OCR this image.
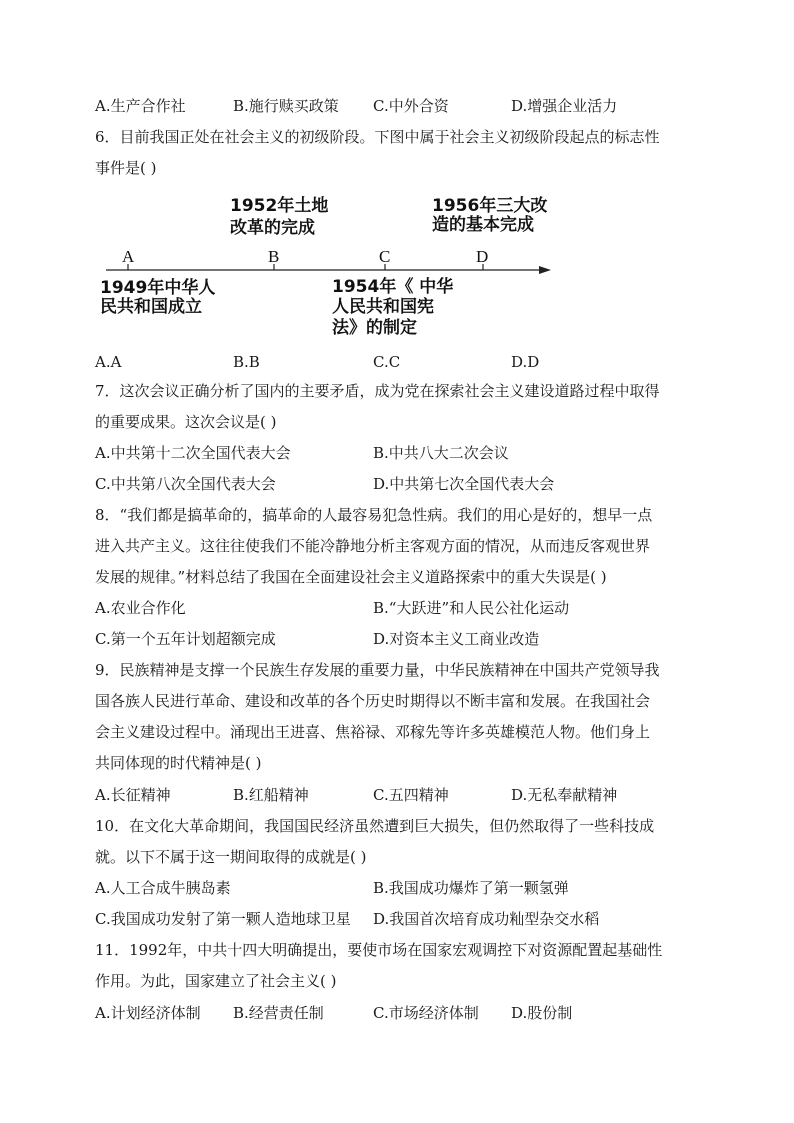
A.生产合作社	B.施行赎买政策 C.中外合资	D.增强企业活力
6．目前我国正处在社会主义的初级阶段。下图中属于社会主义初级阶段起点的标志性
事件是( )
A	B	C	D
1952年土地
改革的完成
1956年三大改
造的基本完成
1949年中华人
民共和国成立
1954年《 中华
人民共和国宪
法》的制定
A.A	B.B	C.C	D.D
7．这次会议正确分析了国内的主要矛盾，成为党在探索社会主义建设道路过程中取得
的重要成果。这次会议是( )
A.中共第十二次全国代表大会	B.中共八大二次会议
C.中共第八次全国代表大会	D.中共第七次全国代表大会
8．“我们都是搞革命的，搞革命的人最容易犯急性病。我们的用心是好的，想早一点
进入共产主义。这往往使我们不能冷静地分析主客观方面的情况，从而违反客观世界
发展的规律。”材料总结了我国在全面建设社会主义道路探索中的重大失误是( )
A.农业合作化	B.“大跃进”和人民公社化运动
C.第一个五年计划超额完成	D.对资本主义工商业改造
9．民族精神是支撑一个民族生存发展的重要力量，中华民族精神在中国共产党领导我
国各族人民进行革命、建设和改革的各个历史时期得以不断丰富和发展。在我国社会
会主义建设过程中。涌现出王进喜、焦裕禄、邓稼先等许多英雄模范人物。他们身上
共同体现的时代精神是( )
A.长征精神	B.红船精神	C.五四精神	D.无私奉献精神
10．在文化大革命期间，我国国民经济虽然遭到巨大损失，但仍然取得了一些科技成
就。以下不属于这一期间取得的成就是( )
A.人工合成牛胰岛素	B.我国成功爆炸了第一颗氢弹
C.我国成功发射了第一颗人造地球卫星 D.我国首次培育成功籼型杂交水稻
11．1992年，中共十四大明确提出，要使市场在国家宏观调控下对资源配置起基础性
作用。为此，国家建立了社会主义( )
A.计划经济体制 B.经营责任制	C.市场经济体制 D.股份制
